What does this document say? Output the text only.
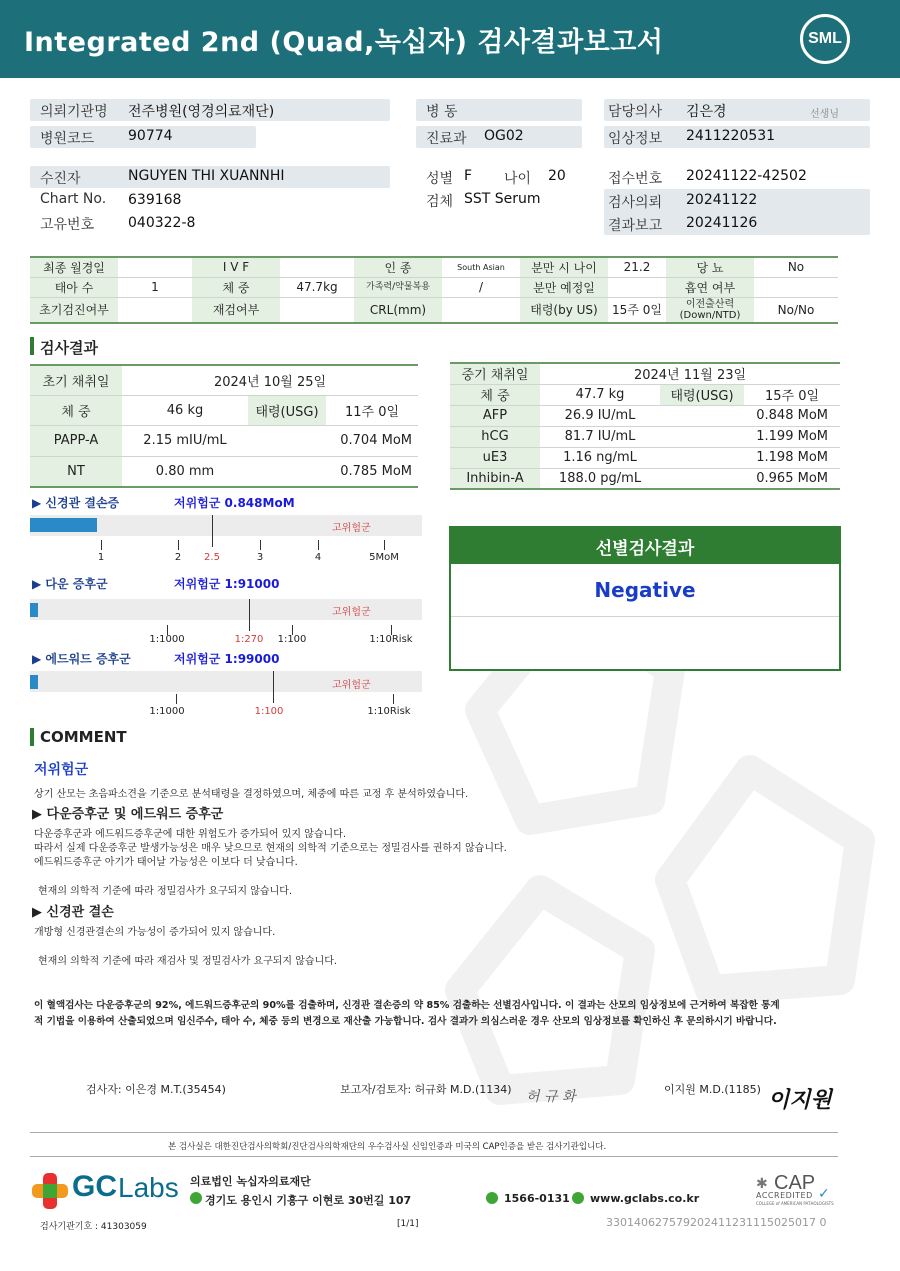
Integrated 2nd (Quad,녹십자) 검사결과보고서	SML
의뢰기관명 전주병원(영경의료재단)	병 동	담당의사 김은경	선생님
병원코드 90774	진료과 OG02	임상정보 2411220531
수진자	NGUYEN THI XUANNHI	성별 F 나이 20	접수번호 20241122-42502
Chart No. 639168	검체 SST Serum	검사의뢰 20241122
고유번호 040322-8	결과보고 20241126
최종 월경일		I V F		인 종	South Asian	분만 시 나이	21.2	당 뇨	No
태아 수	1	체 중	47.7kg	가족력/약물복용	/	분만 예정일		흡연 여부	
초기검진여부		재검여부		CRL(mm)		태령(by US)	15주 0일	이전출산력 (Down/NTD)	No/No
검사결과
초기 채취일	2024년 10월 25일		
체 중	46 kg	태령(USG)	11주 0일
PAPP-A	2.15 mIU/mL	0.704 MoM	
NT	0.80 mm	0.785 MoM	
중기 채취일	2024년 11월 23일		
체 중	47.7 kg	태령(USG)	15주 0일
AFP	26.9 IU/mL	0.848 MoM	
hCG	81.7 IU/mL	1.199 MoM	
uE3	1.16 ng/mL	1.198 MoM	
Inhibin-A	188.0 pg/mL	0.965 MoM	
▶ 신경관 결손증	저위험군 0.848MoM
고위험군
1	2 2.5	3	4	5MoM
▶ 다운 증후군	저위험군 1:91000
고위험군
1:1000	1:270 1:100	1:10Risk
▶ 에드워드 증후군	저위험군 1:99000
고위험군
1:1000	1:100	1:10Risk
선별검사결과
Negative
COMMENT
저위험군
상기 산모는 초음파소견을 기준으로 분석태령을 결정하였으며, 체중에 따른 교정 후 분석하였습니다.
▶ 다운증후군 및 에드워드 증후군
다운증후군과 에드워드증후군에 대한 위험도가 증가되어 있지 않습니다.
따라서 실제 다운증후군 발생가능성은 매우 낮으므로 현재의 의학적 기준으로는 정밀검사를 권하지 않습니다.
에드워드증후군 아기가 태어날 가능성은 이보다 더 낮습니다.
현재의 의학적 기준에 따라 정밀검사가 요구되지 않습니다.
▶ 신경관 결손
개방형 신경관결손의 가능성이 증가되어 있지 않습니다.
현재의 의학적 기준에 따라 재검사 및 정밀검사가 요구되지 않습니다.
이 혈액검사는 다운증후군의 92%, 에드워드증후군의 90%를 검출하며, 신경관 결손증의 약 85% 검출하는 선별검사입니다. 이 결과는 산모의 임상정보에 근거하여 복잡한 통계
적 기법을 이용하여 산출되었으며 임신주수, 태아 수, 체중 등의 변경으로 재산출 가능합니다. 검사 결과가 의심스러운 경우 산모의 임상정보를 확인하신 후 문의하시기 바랍니다.
검사자: 이은경 M.T.(35454)	보고자/검토자: 허규화 M.D.(1134) 허 규 화	이지원 M.D.(1185) 이지원
본 검사실은 대한진단검사의학회/진단검사의학재단의 우수검사실 신임인증과 미국의 CAP인증을 받은 검사기관입니다.
GC Labs 의료법인 녹십자의료재단
경기도 용인시 기흥구 이현로 30번길 107	1566-0131 www.gclabs.co.kr
CAP
✱
ACCREDITED ✓
COLLEGE of AMERICAN PATHOLOGISTS
검사기관기호 : 41303059	[1/1]	330140627579202411231115025017 0
